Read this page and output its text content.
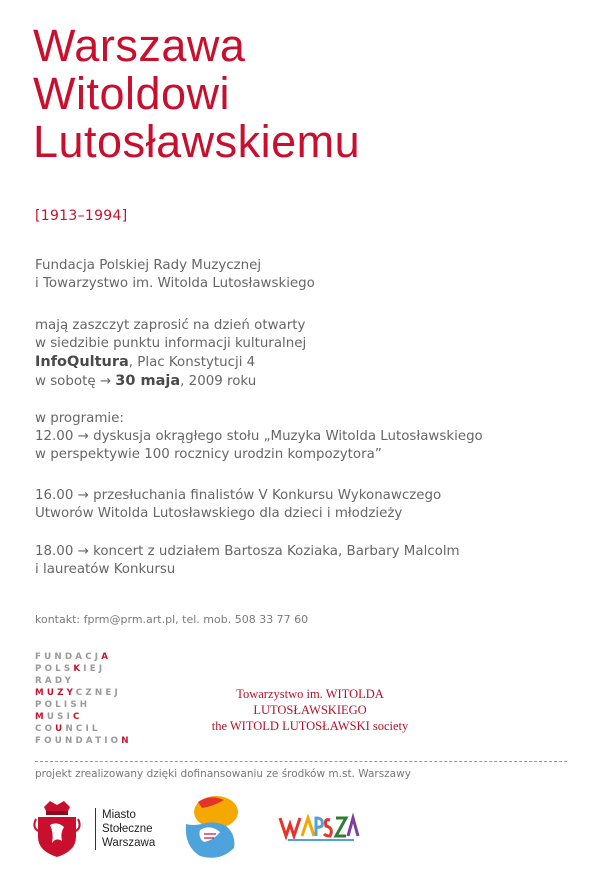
Warszawa
Witoldowi
Lutosławskiemu
[1913–1994]
Fundacja Polskiej Rady Muzycznej
i Towarzystwo im. Witolda Lutosławskiego
mają zaszczyt zaprosić na dzień otwarty
w siedzibie punktu informacji kulturalnej
InfoQultura, Plac Konstytucji 4
w sobotę → 30 maja, 2009 roku
w programie:
12.00 → dyskusja okrągłego stołu „Muzyka Witolda Lutosławskiego
w perspektywie 100 rocznicy urodzin kompozytora”
16.00 → przesłuchania finalistów V Konkursu Wykonawczego
Utworów Witolda Lutosławskiego dla dzieci i młodzieży
18.00 → koncert z udziałem Bartosza Koziaka, Barbary Malcolm
i laureatów Konkursu
kontakt: fprm@prm.art.pl, tel. mob. 508 33 77 60
FUNDACJA
POLSKIEJ
RADY
MUZYCZNEJ
POLISH
MUSIC
COUNCIL
FOUNDATION
Towarzystwo im. WITOLDA LUTOSŁAWSKIEGO
the WITOLD LUTOSŁAWSKI society
projekt zrealizowany dzięki dofinansowaniu ze środków m.st. Warszawy
Miasto
Stołeczne
Warszawa
